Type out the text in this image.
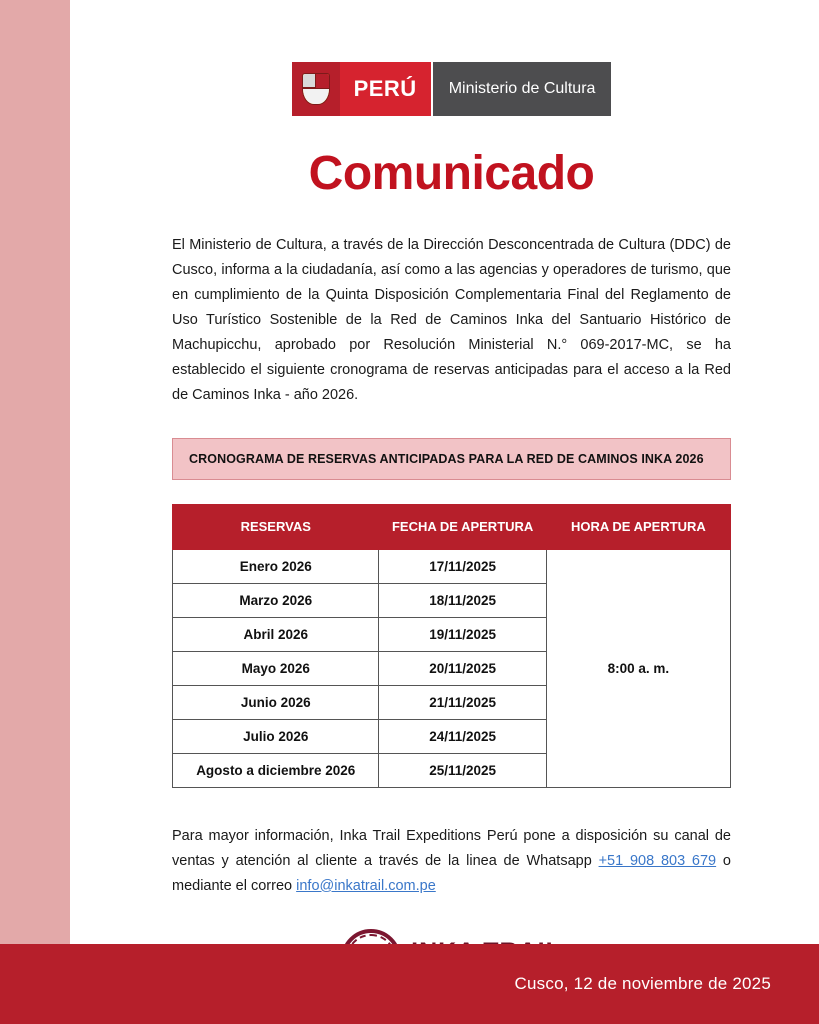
PERÚ	Ministerio de Cultura
Comunicado

El Ministerio de Cultura, a través de la Dirección Desconcentrada de Cultura (DDC) de Cusco, informa a la ciudadanía, así como a las agencias y operadores de turismo, que en cumplimiento de la Quinta Disposición Complementaria Final del Reglamento de Uso Turístico Sostenible de la Red de Caminos Inka del Santuario Histórico de Machupicchu, aprobado por Resolución Ministerial N.° 069-2017-MC, se ha establecido el siguiente cronograma de reservas anticipadas para el acceso a la Red de Caminos Inka - año 2026.

CRONOGRAMA DE RESERVAS ANTICIPADAS PARA LA RED DE CAMINOS INKA 2026
RESERVAS	FECHA DE APERTURA	HORA DE APERTURA
Enero 2026	17/11/2025	8:00 a. m.
Marzo 2026	18/11/2025	
Abril 2026	19/11/2025	
Mayo 2026	20/11/2025	
Junio 2026	21/11/2025	
Julio 2026	24/11/2025	
Agosto a diciembre 2026	25/11/2025	

Para mayor información, Inka Trail Expeditions Perú pone a disposición su canal de ventas y atención al cliente a través de la linea de Whatsapp +51 908 803 679 o mediante el correo info@inkatrail.com.pe

Cusco, 12 de noviembre de 2025
